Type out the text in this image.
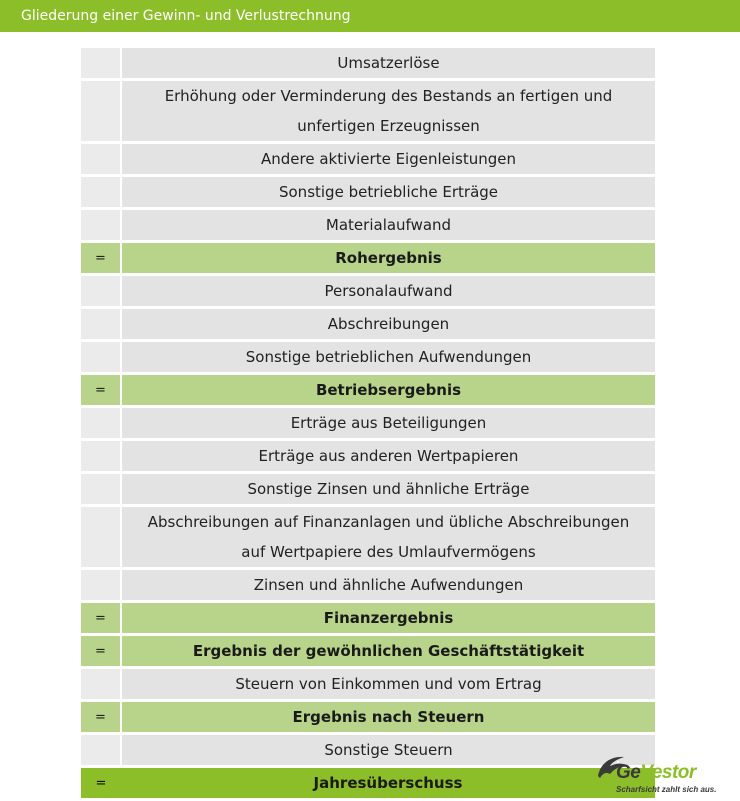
Gliederung einer Gewinn- und Verlustrechnung
Umsatzerlöse
Erhöhung oder Verminderung des Bestands an fertigen und
unfertigen Erzeugnissen
Andere aktivierte Eigenleistungen
Sonstige betriebliche Erträge
Materialaufwand
=	Rohergebnis
Personalaufwand
Abschreibungen
Sonstige betrieblichen Aufwendungen
=	Betriebsergebnis
Erträge aus Beteiligungen
Erträge aus anderen Wertpapieren
Sonstige Zinsen und ähnliche Erträge
Abschreibungen auf Finanzanlagen und übliche Abschreibungen
auf Wertpapiere des Umlaufvermögens
Zinsen und ähnliche Aufwendungen
=	Finanzergebnis
=	Ergebnis der gewöhnlichen Geschäftstätigkeit
Steuern von Einkommen und vom Ertrag
=	Ergebnis nach Steuern
Sonstige Steuern
=	Jahresüberschuss	GeVestor
Scharfsicht zahlt sich aus.
